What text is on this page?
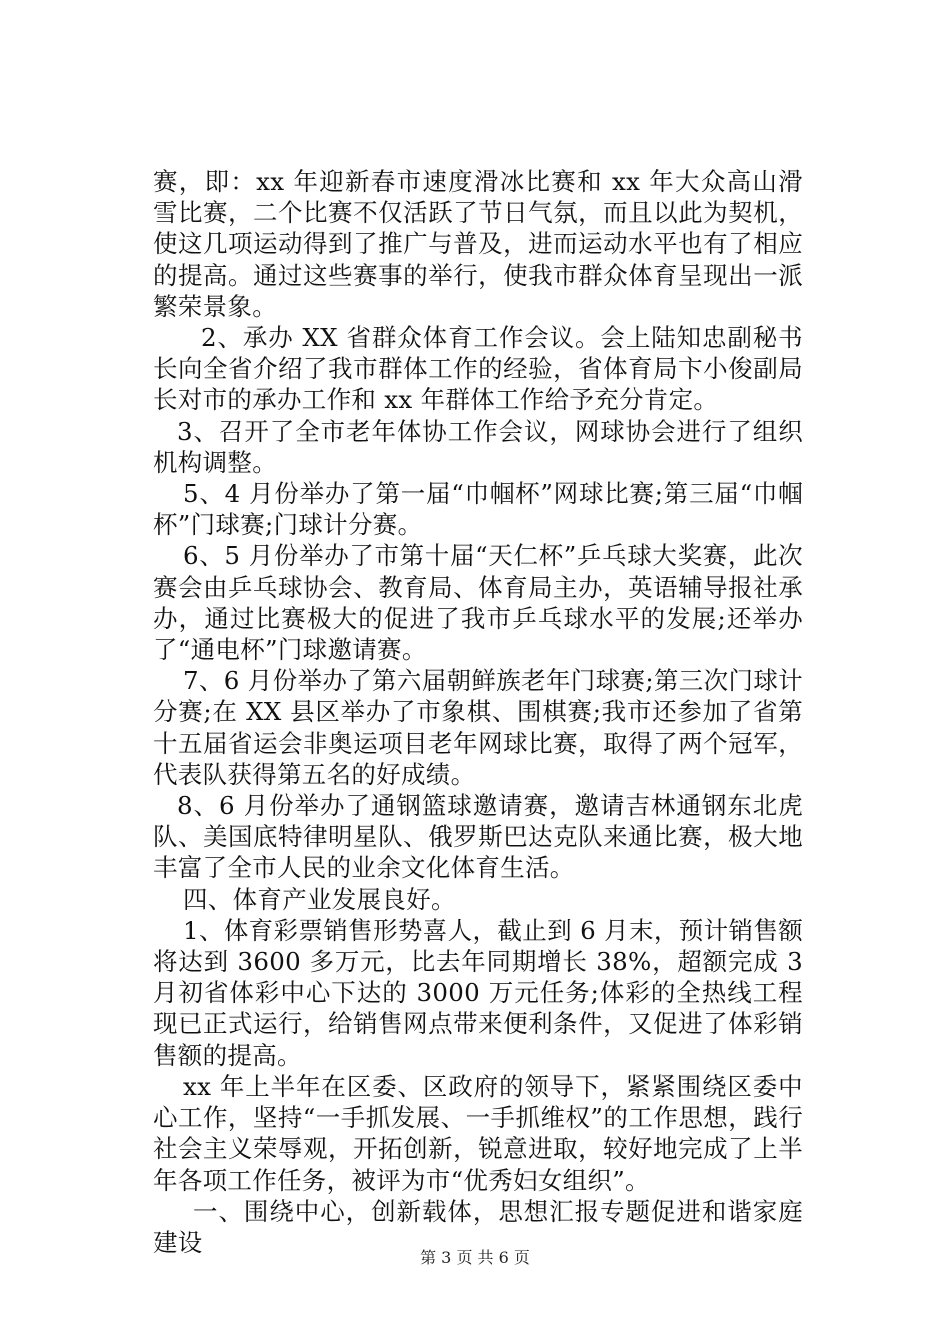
赛，即：xx 年迎新春市速度滑冰比赛和 xx 年大众高山滑雪比赛，二个比赛不仅活跃了节日气氛，而且以此为契机，使这几项运动得到了推广与普及，进而运动水平也有了相应的提高。通过这些赛事的举行，使我市群众体育呈现出一派繁荣景象。

2、承办 XX 省群众体育工作会议。会上陆知忠副秘书长向全省介绍了我市群体工作的经验，省体育局卞小俊副局长对市的承办工作和 xx 年群体工作给予充分肯定。

3、召开了全市老年体协工作会议，网球协会进行了组织机构调整。

5、4 月份举办了第一届“巾帼杯”网球比赛;第三届“巾帼杯”门球赛;门球计分赛。

6、5 月份举办了市第十届“天仁杯”乒乓球大奖赛，此次赛会由乒乓球协会、教育局、体育局主办，英语辅导报社承办，通过比赛极大的促进了我市乒乓球水平的发展;还举办了“通电杯”门球邀请赛。

7、6 月份举办了第六届朝鲜族老年门球赛;第三次门球计分赛;在 XX 县区举办了市象棋、围棋赛;我市还参加了省第十五届省运会非奥运项目老年网球比赛，取得了两个冠军，代表队获得第五名的好成绩。

8、6 月份举办了通钢篮球邀请赛，邀请吉林通钢东北虎队、美国底特律明星队、俄罗斯巴达克队来通比赛，极大地丰富了全市人民的业余文化体育生活。

四、体育产业发展良好。

1、体育彩票销售形势喜人，截止到 6 月末，预计销售额将达到 3600 多万元，比去年同期增长 38%，超额完成 3 月初省体彩中心下达的 3000 万元任务;体彩的全热线工程现已正式运行，给销售网点带来便利条件，又促进了体彩销售额的提高。

xx 年上半年在区委、区政府的领导下，紧紧围绕区委中心工作，坚持“一手抓发展、一手抓维权”的工作思想，践行社会主义荣辱观，开拓创新，锐意进取，较好地完成了上半年各项工作任务，被评为市“优秀妇女组织”。

一、围绕中心，创新载体，思想汇报专题促进和谐家庭建设

第 3 页 共 6 页
